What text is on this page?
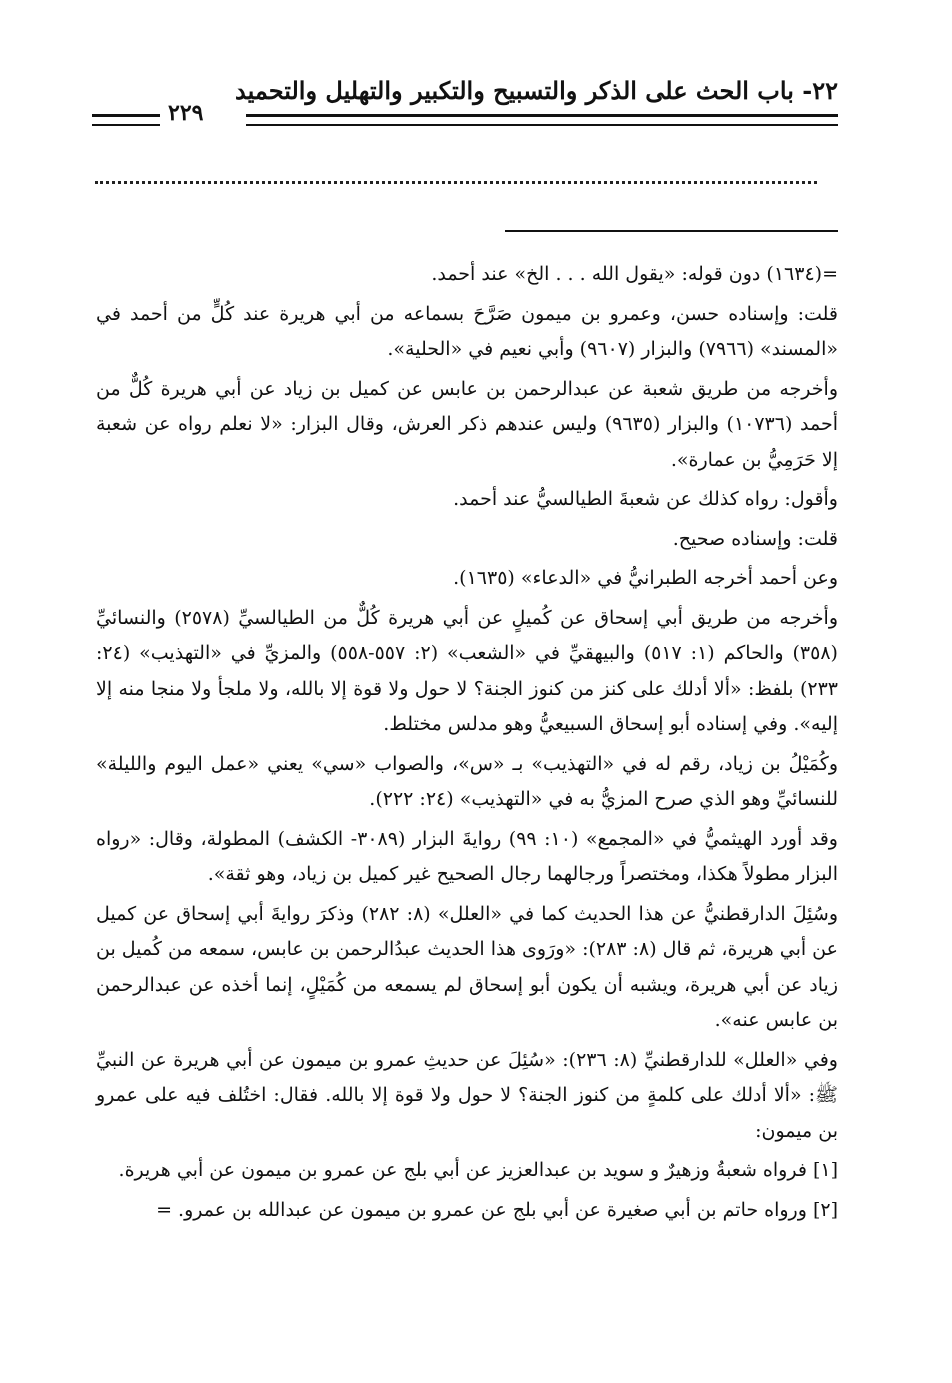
٢٢- باب الحث على الذكر والتسبيح والتكبير والتهليل والتحميد
٢٢٩

=(١٦٣٤) دون قوله: «يقول الله . . . الخ» عند أحمد.

قلت: وإسناده حسن، وعمرو بن ميمون صَرَّحَ بسماعه من أبي هريرة عند كُلٍّ من أحمد في «المسند» (٧٩٦٦) والبزار (٩٦٠٧) وأبي نعيم في «الحلية».

وأخرجه من طريق شعبة عن عبدالرحمن بن عابس عن كميل بن زياد عن أبي هريرة كُلٌّ من أحمد (١٠٧٣٦) والبزار (٩٦٣٥) وليس عندهم ذكر العرش، وقال البزار: «لا نعلم رواه عن شعبة إلا حَرَمِيُّ بن عمارة».

وأقول: رواه كذلك عن شعبةَ الطيالسيُّ عند أحمد.

قلت: وإسناده صحيح.

وعن أحمد أخرجه الطبرانيُّ في «الدعاء» (١٦٣٥).

وأخرجه من طريق أبي إسحاق عن كُميلٍ عن أبي هريرة كُلٌّ من الطيالسيِّ (٢٥٧٨) والنسائيِّ (٣٥٨) والحاكم (١: ٥١٧) والبيهقيِّ في «الشعب» (٢: ٥٥٧-٥٥٨) والمزيِّ في «التهذيب» (٢٤: ٢٣٣) بلفظ: «ألا أدلك على كنز من كنوز الجنة؟ لا حول ولا قوة إلا بالله، ولا ملجأ ولا منجا منه إلا إليه». وفي إسناده أبو إسحاق السبيعيُّ وهو مدلس مختلط.

وكُمَيْلُ بن زياد، رقم له في «التهذيب» بـ «س»، والصواب «سي» يعني «عمل اليوم والليلة» للنسائيِّ وهو الذي صرح المزيُّ به في «التهذيب» (٢٤: ٢٢٢).

وقد أورد الهيثميُّ في «المجمع» (١٠: ٩٩) روايةَ البزار (٣٠٨٩- الكشف) المطولة، وقال: «رواه البزار مطولاً هكذا، ومختصراً ورجالهما رجال الصحيح غير كميل بن زياد، وهو ثقة».

وسُئِلَ الدارقطنيُّ عن هذا الحديث كما في «العلل» (٨: ٢٨٢) وذكرَ روايةَ أبي إسحاق عن كميل عن أبي هريرة، ثم قال (٨: ٢٨٣): «ورَوى هذا الحديث عبدُالرحمن بن عابس، سمعه من كُميل بن زياد عن أبي هريرة، ويشبه أن يكون أبو إسحاق لم يسمعه من كُمَيْلٍ، إنما أخذه عن عبدالرحمن بن عابس عنه».

وفي «العلل» للدارقطنيِّ (٨: ٢٣٦): «سُئِلَ عن حديثِ عمرو بن ميمون عن أبي هريرة عن النبيِّ ﷺ: «ألا أدلك على كلمةٍ من كنوز الجنة؟ لا حول ولا قوة إلا بالله. فقال: اختُلف فيه على عمرو بن ميمون:

[١] فرواه شعبةُ وزهيرٌ و سويد بن عبدالعزيز عن أبي بلج عن عمرو بن ميمون عن أبي هريرة.

[٢] ورواه حاتم بن أبي صغيرة عن أبي بلج عن عمرو بن ميمون عن عبدالله بن عمرو. =
